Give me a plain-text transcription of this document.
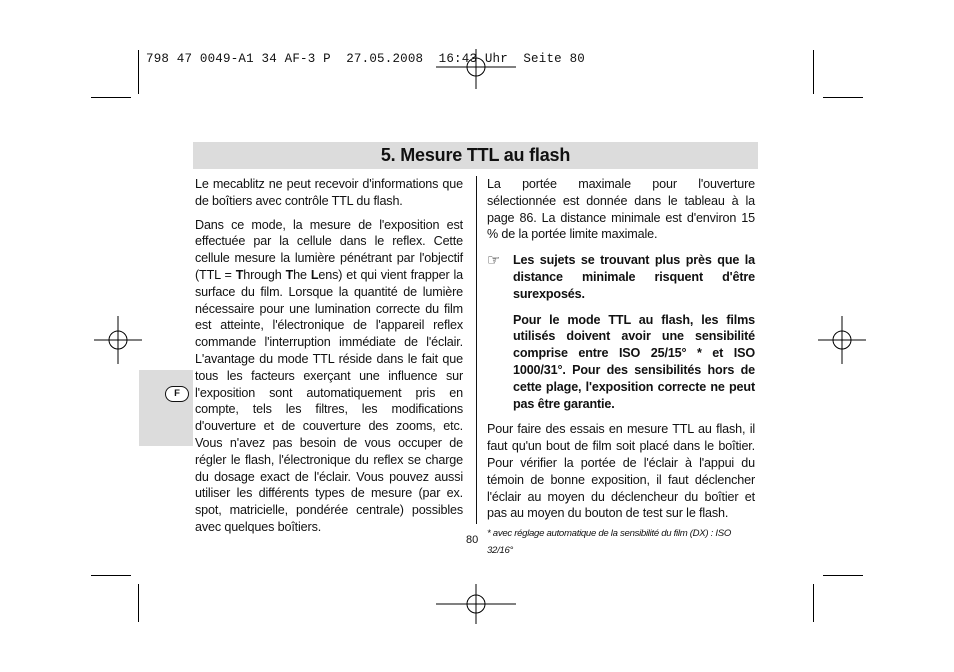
798 47 0049-A1 34 AF-3 P  27.05.2008  16:43 Uhr  Seite 80
5. Mesure TTL au flash
F

Le mecablitz ne peut recevoir d'informations que de boîtiers avec contrôle TTL du flash.

Dans ce mode, la mesure de l'exposition est effectuée par la cellule dans le reflex. Cette cellule mesure la lumière pénétrant par l'objectif (TTL = Through The Lens) et qui vient frapper la surface du film. Lorsque la quantité de lumière nécessaire pour une lumination correcte du film est atteinte, l'électronique de l'appareil reflex commande l'interruption immédiate de l'éclair. L'avantage du mode TTL réside dans le fait que tous les facteurs exerçant une influence sur l'exposition sont automatiquement pris en compte, tels les filtres, les modifications d'ouverture et de couverture des zooms, etc. Vous n'avez pas besoin de vous occuper de régler le flash, l'électronique du reflex se charge du dosage exact de l'éclair. Vous pouvez aussi utiliser les différents types de mesure (par ex. spot, matricielle, pondérée centrale) possibles avec quelques boîtiers.

La portée maximale pour l'ouverture sélectionnée est donnée dans le tableau à la page 86. La distance minimale est d'environ 15 % de la portée limite maximale.

☞ Les sujets se trouvant plus près que la distance minimale risquent d'être surexposés.

Pour le mode TTL au flash, les films utilisés doivent avoir une sensibilité comprise entre ISO 25/15° * et ISO 1000/31°. Pour des sensibilités hors de cette plage, l'exposition correcte ne peut pas être garantie.

Pour faire des essais en mesure TTL au flash, il faut qu'un bout de film soit placé dans le boîtier. Pour vérifier la portée de l'éclair à l'appui du témoin de bonne exposition, il faut déclencher l'éclair au moyen du déclencheur du boîtier et pas au moyen du bouton de test sur le flash.

* avec réglage automatique de la sensibilité du film (DX) : ISO 32/16°
80
